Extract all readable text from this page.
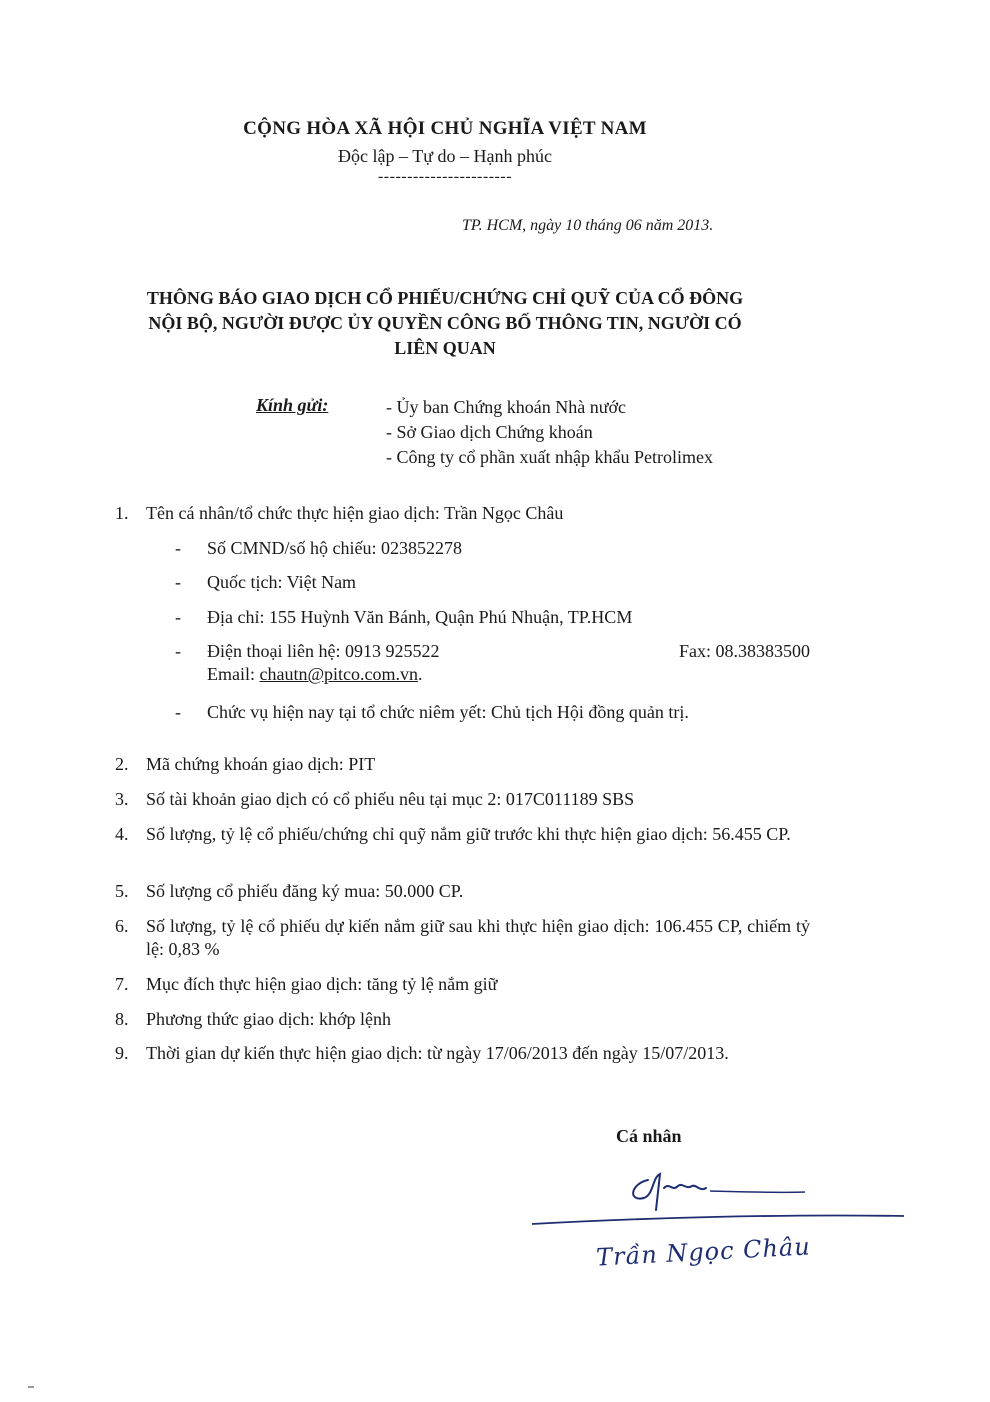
CỘNG HÒA XÃ HỘI CHỦ NGHĨA VIỆT NAM
Độc lập – Tự do – Hạnh phúc
-----------------------
TP. HCM, ngày 10 tháng 06 năm 2013.
THÔNG BÁO GIAO DỊCH CỔ PHIẾU/CHỨNG CHỈ QUỸ CỦA CỔ ĐÔNG
NỘI BỘ, NGƯỜI ĐƯỢC ỦY QUYỀN CÔNG BỐ THÔNG TIN, NGƯỜI CÓ
LIÊN QUAN
Kính gửi:
-	Ủy ban Chứng khoán Nhà nước
- Sở Giao dịch Chứng khoán
- Công ty cổ phần xuất nhập khẩu Petrolimex
1. Tên cá nhân/tổ chức thực hiện giao dịch: Trần Ngọc Châu
- Số CMND/số hộ chiếu: 023852278
- Quốc tịch: Việt Nam
- Địa chỉ: 155 Huỳnh Văn Bánh, Quận Phú Nhuận, TP.HCM
- Điện thoại liên hệ: 0913 925522	Fax: 08.38383500
Email: chautn@pitco.com.vn.
- Chức vụ hiện nay tại tổ chức niêm yết: Chủ tịch Hội đồng quản trị.
2. Mã chứng khoán giao dịch: PIT
3. Số tài khoản giao dịch có cổ phiếu nêu tại mục 2: 017C011189 SBS
4. Số lượng, tỷ lệ cổ phiếu/chứng chỉ quỹ nắm giữ trước khi thực hiện giao dịch: 56.455 CP.
5. Số lượng cổ phiếu đăng ký mua: 50.000 CP.
6. Số lượng, tỷ lệ cổ phiếu dự kiến nắm giữ sau khi thực hiện giao dịch: 106.455 CP, chiếm tỷ lệ: 0,83 %
7. Mục đích thực hiện giao dịch: tăng tỷ lệ nắm giữ
8. Phương thức giao dịch: khớp lệnh
9. Thời gian dự kiến thực hiện giao dịch: từ ngày 17/06/2013 đến ngày 15/07/2013.
Cá nhân
Trần Ngọc Châu
